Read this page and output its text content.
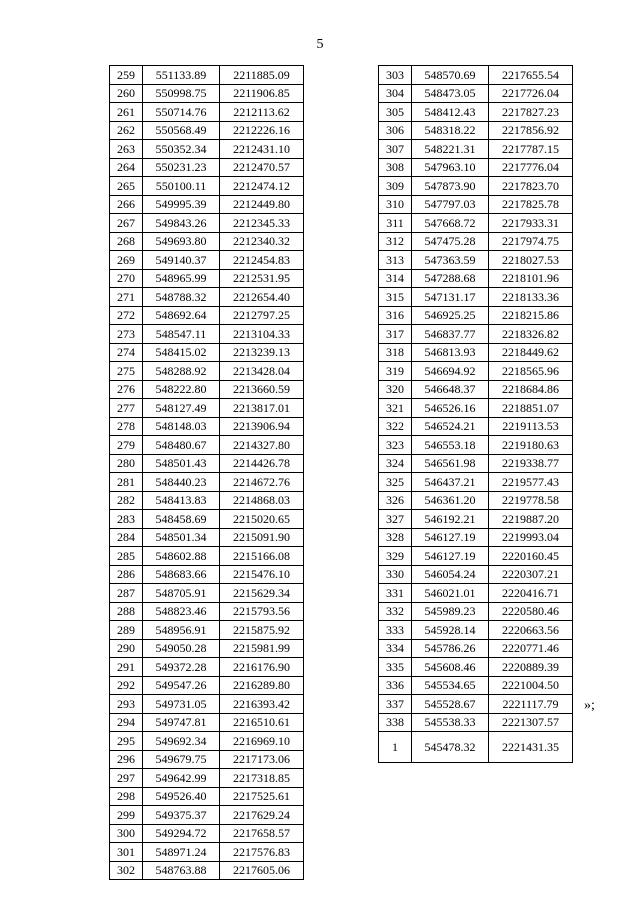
5
259	551133.89	2211885.09
260	550998.75	2211906.85
261	550714.76	2212113.62
262	550568.49	2212226.16
263	550352.34	2212431.10
264	550231.23	2212470.57
265	550100.11	2212474.12
266	549995.39	2212449.80
267	549843.26	2212345.33
268	549693.80	2212340.32
269	549140.37	2212454.83
270	548965.99	2212531.95
271	548788.32	2212654.40
272	548692.64	2212797.25
273	548547.11	2213104.33
274	548415.02	2213239.13
275	548288.92	2213428.04
276	548222.80	2213660.59
277	548127.49	2213817.01
278	548148.03	2213906.94
279	548480.67	2214327.80
280	548501.43	2214426.78
281	548440.23	2214672.76
282	548413.83	2214868.03
283	548458.69	2215020.65
284	548501.34	2215091.90
285	548602.88	2215166.08
286	548683.66	2215476.10
287	548705.91	2215629.34
288	548823.46	2215793.56
289	548956.91	2215875.92
290	549050.28	2215981.99
291	549372.28	2216176.90
292	549547.26	2216289.80
293	549731.05	2216393.42
294	549747.81	2216510.61
295	549692.34	2216969.10
296	549679.75	2217173.06
297	549642.99	2217318.85
298	549526.40	2217525.61
299	549375.37	2217629.24
300	549294.72	2217658.57
301	548971.24	2217576.83
302	548763.88	2217605.06
303	548570.69	2217655.54
304	548473.05	2217726.04
305	548412.43	2217827.23
306	548318.22	2217856.92
307	548221.31	2217787.15
308	547963.10	2217776.04
309	547873.90	2217823.70
310	547797.03	2217825.78
311	547668.72	2217933.31
312	547475.28	2217974.75
313	547363.59	2218027.53
314	547288.68	2218101.96
315	547131.17	2218133.36
316	546925.25	2218215.86
317	546837.77	2218326.82
318	546813.93	2218449.62
319	546694.92	2218565.96
320	546648.37	2218684.86
321	546526.16	2218851.07
322	546524.21	2219113.53
323	546553.18	2219180.63
324	546561.98	2219338.77
325	546437.21	2219577.43
326	546361.20	2219778.58
327	546192.21	2219887.20
328	546127.19	2219993.04
329	546127.19	2220160.45
330	546054.24	2220307.21
331	546021.01	2220416.71
332	545989.23	2220580.46
333	545928.14	2220663.56
334	545786.26	2220771.46
335	545608.46	2220889.39
336	545534.65	2221004.50
337	545528.67	2221117.79
338	545538.33	2221307.57
1	545478.32	2221431.35
»;
